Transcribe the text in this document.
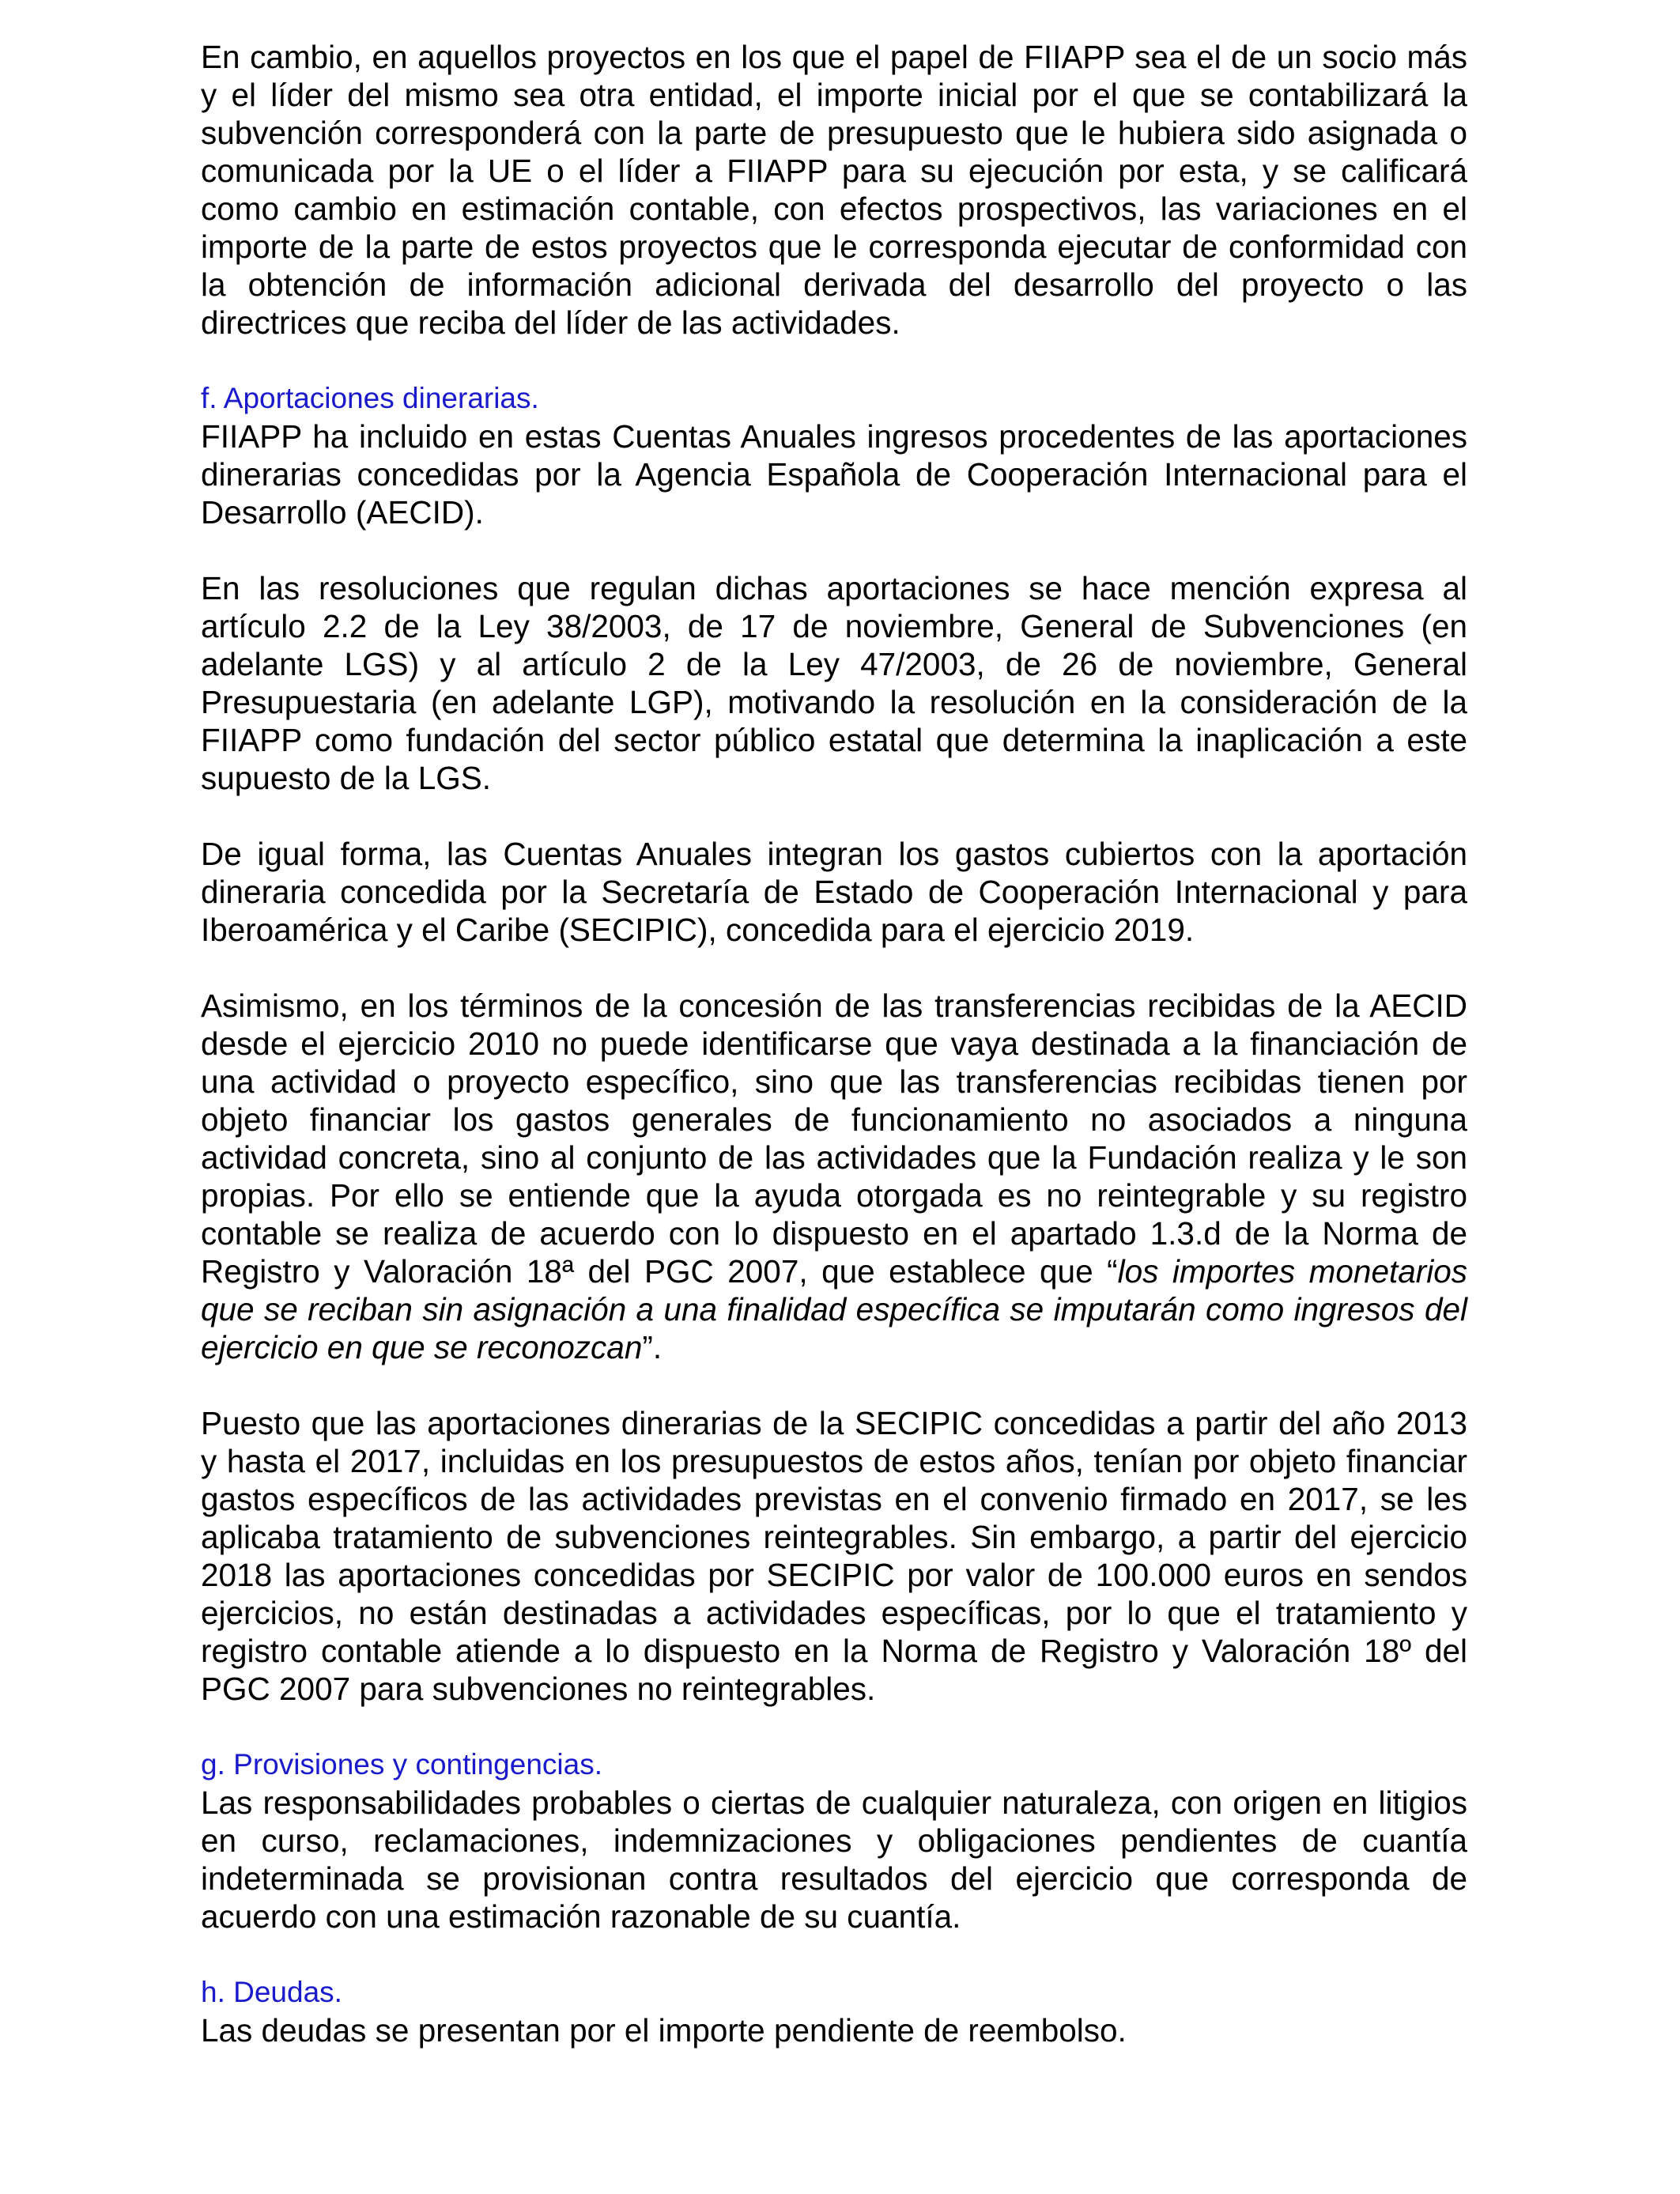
En cambio, en aquellos proyectos en los que el papel de FIIAPP sea el de un socio más y el líder del mismo sea otra entidad, el importe inicial por el que se contabilizará la subvención corresponderá con la parte de presupuesto que le hubiera sido asignada o comunicada por la UE o el líder a FIIAPP para su ejecución por esta, y se calificará como cambio en estimación contable, con efectos prospectivos, las variaciones en el importe de la parte de estos proyectos que le corresponda ejecutar de conformidad con la obtención de información adicional derivada del desarrollo del proyecto o las directrices que reciba del líder de las actividades.

f. Aportaciones dinerarias.

FIIAPP ha incluido en estas Cuentas Anuales ingresos procedentes de las aportaciones dinerarias concedidas por la Agencia Española de Cooperación Internacional para el Desarrollo (AECID).

En las resoluciones que regulan dichas aportaciones se hace mención expresa al artículo 2.2 de la Ley 38/2003, de 17 de noviembre, General de Subvenciones (en adelante LGS) y al artículo 2 de la Ley 47/2003, de 26 de noviembre, General Presupuestaria (en adelante LGP), motivando la resolución en la consideración de la FIIAPP como fundación del sector público estatal que determina la inaplicación a este supuesto de la LGS.

De igual forma, las Cuentas Anuales integran los gastos cubiertos con la aportación dineraria concedida por la Secretaría de Estado de Cooperación Internacional y para Iberoamérica y el Caribe (SECIPIC), concedida para el ejercicio 2019.

Asimismo, en los términos de la concesión de las transferencias recibidas de la AECID desde el ejercicio 2010 no puede identificarse que vaya destinada a la financiación de una actividad o proyecto específico, sino que las transferencias recibidas tienen por objeto financiar los gastos generales de funcionamiento no asociados a ninguna actividad concreta, sino al conjunto de las actividades que la Fundación realiza y le son propias. Por ello se entiende que la ayuda otorgada es no reintegrable y su registro contable se realiza de acuerdo con lo dispuesto en el apartado 1.3.d de la Norma de Registro y Valoración 18ª del PGC 2007, que establece que “los importes monetarios que se reciban sin asignación a una finalidad específica se imputarán como ingresos del ejercicio en que se reconozcan”.

Puesto que las aportaciones dinerarias de la SECIPIC concedidas a partir del año 2013 y hasta el 2017, incluidas en los presupuestos de estos años, tenían por objeto financiar gastos específicos de las actividades previstas en el convenio firmado en 2017, se les aplicaba tratamiento de subvenciones reintegrables. Sin embargo, a partir del ejercicio 2018 las aportaciones concedidas por SECIPIC por valor de 100.000 euros en sendos ejercicios, no están destinadas a actividades específicas, por lo que el tratamiento y registro contable atiende a lo dispuesto en la Norma de Registro y Valoración 18º del PGC 2007 para subvenciones no reintegrables.

g. Provisiones y contingencias.

Las responsabilidades probables o ciertas de cualquier naturaleza, con origen en litigios en curso, reclamaciones, indemnizaciones y obligaciones pendientes de cuantía indeterminada se provisionan contra resultados del ejercicio que corresponda de acuerdo con una estimación razonable de su cuantía.

h. Deudas.

Las deudas se presentan por el importe pendiente de reembolso.
